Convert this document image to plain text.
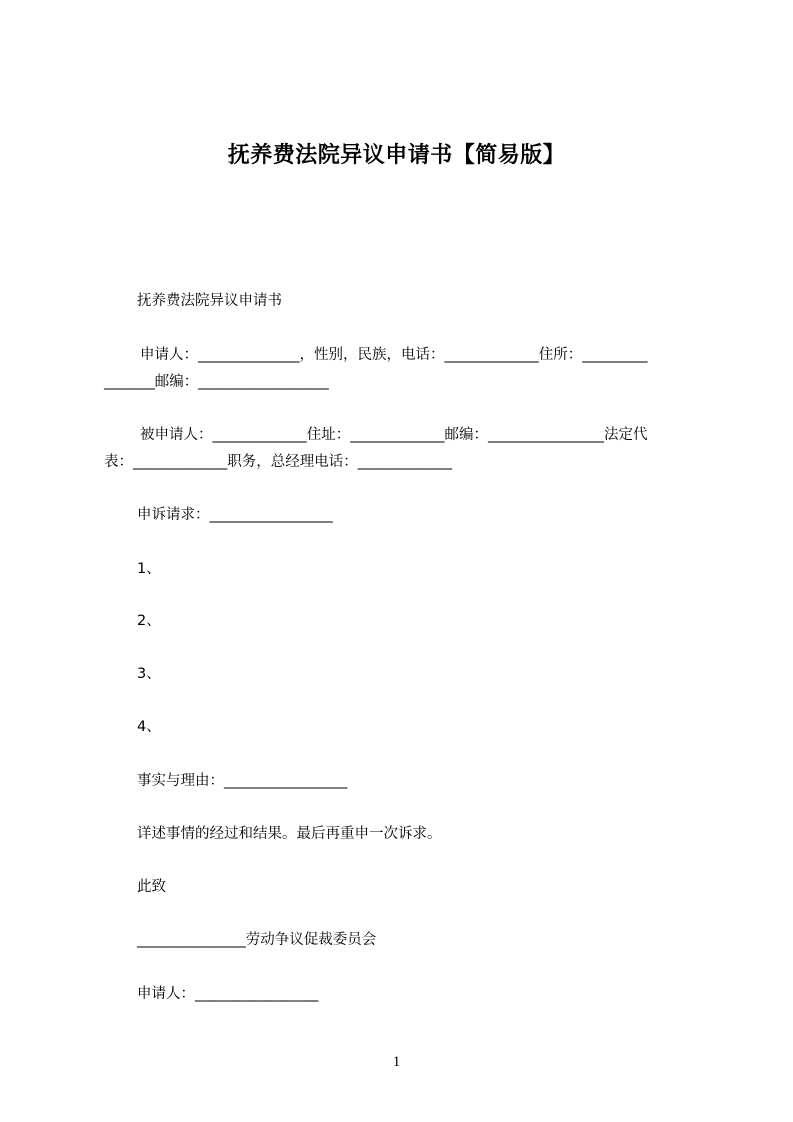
抚养费法院异议申请书【简易版】
抚养费法院异议申请书
申请人：______________，性别，民族，电话：_____________住所：_________
_______邮编：__________________
被申请人：_____________住址：_____________邮编：________________法定代
表：_____________职务，总经理电话：_____________
申诉请求：_________________
1、
2、
3、
4、
事实与理由：_________________
详述事情的经过和结果。最后再重申一次诉求。
此致
_______________劳动争议促裁委员会
申请人：_________________
1
